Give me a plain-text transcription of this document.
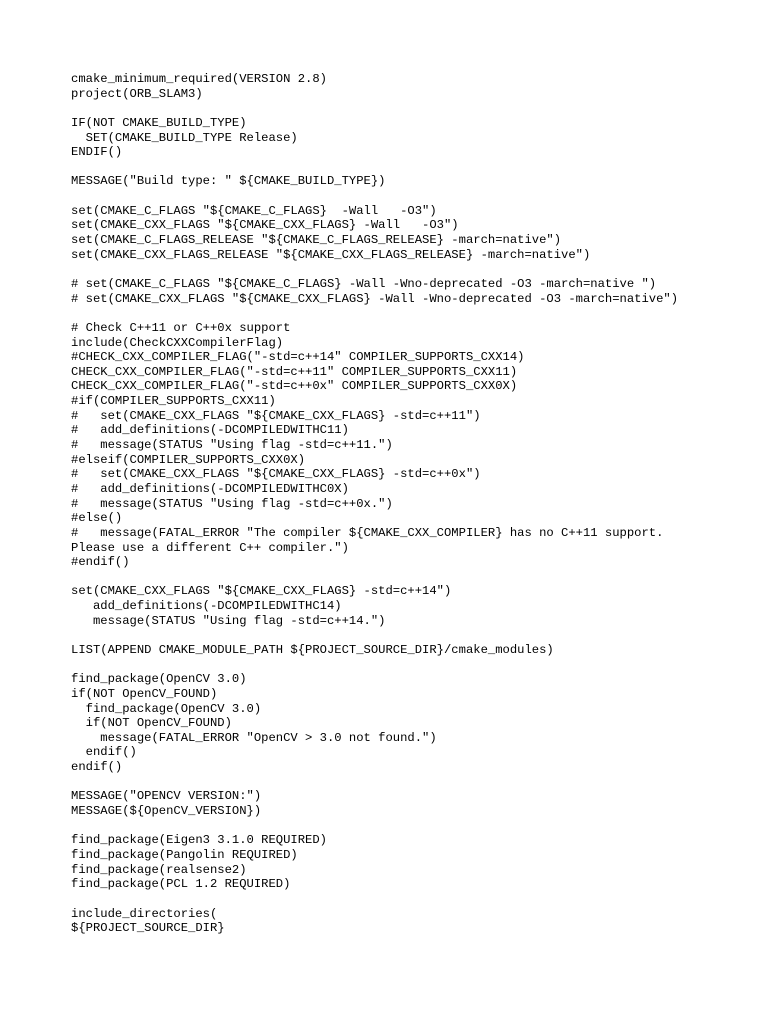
cmake_minimum_required(VERSION 2.8)
project(ORB_SLAM3)
IF(NOT CMAKE_BUILD_TYPE)
SET(CMAKE_BUILD_TYPE Release)
ENDIF()
MESSAGE("Build type: " ${CMAKE_BUILD_TYPE})
set(CMAKE_C_FLAGS "${CMAKE_C_FLAGS}  -Wall   -O3")
set(CMAKE_CXX_FLAGS "${CMAKE_CXX_FLAGS} -Wall   -O3")
set(CMAKE_C_FLAGS_RELEASE "${CMAKE_C_FLAGS_RELEASE} -march=native")
set(CMAKE_CXX_FLAGS_RELEASE "${CMAKE_CXX_FLAGS_RELEASE} -march=native")
# set(CMAKE_C_FLAGS "${CMAKE_C_FLAGS} -Wall -Wno-deprecated -O3 -march=native ")
# set(CMAKE_CXX_FLAGS "${CMAKE_CXX_FLAGS} -Wall -Wno-deprecated -O3 -march=native")
# Check C++11 or C++0x support
include(CheckCXXCompilerFlag)
#CHECK_CXX_COMPILER_FLAG("-std=c++14" COMPILER_SUPPORTS_CXX14)
CHECK_CXX_COMPILER_FLAG("-std=c++11" COMPILER_SUPPORTS_CXX11)
CHECK_CXX_COMPILER_FLAG("-std=c++0x" COMPILER_SUPPORTS_CXX0X)
#if(COMPILER_SUPPORTS_CXX11)
#   set(CMAKE_CXX_FLAGS "${CMAKE_CXX_FLAGS} -std=c++11")
#   add_definitions(-DCOMPILEDWITHC11)
#   message(STATUS "Using flag -std=c++11.")
#elseif(COMPILER_SUPPORTS_CXX0X)
#   set(CMAKE_CXX_FLAGS "${CMAKE_CXX_FLAGS} -std=c++0x")
#   add_definitions(-DCOMPILEDWITHC0X)
#   message(STATUS "Using flag -std=c++0x.")
#else()
#   message(FATAL_ERROR "The compiler ${CMAKE_CXX_COMPILER} has no C++11 support.
Please use a different C++ compiler.")
#endif()
set(CMAKE_CXX_FLAGS "${CMAKE_CXX_FLAGS} -std=c++14")
add_definitions(-DCOMPILEDWITHC14)
message(STATUS "Using flag -std=c++14.")
LIST(APPEND CMAKE_MODULE_PATH ${PROJECT_SOURCE_DIR}/cmake_modules)
find_package(OpenCV 3.0)
if(NOT OpenCV_FOUND)
find_package(OpenCV 3.0)
if(NOT OpenCV_FOUND)
message(FATAL_ERROR "OpenCV > 3.0 not found.")
endif()
endif()
MESSAGE("OPENCV VERSION:")
MESSAGE(${OpenCV_VERSION})
find_package(Eigen3 3.1.0 REQUIRED)
find_package(Pangolin REQUIRED)
find_package(realsense2)
find_package(PCL 1.2 REQUIRED)
include_directories(
${PROJECT_SOURCE_DIR}
